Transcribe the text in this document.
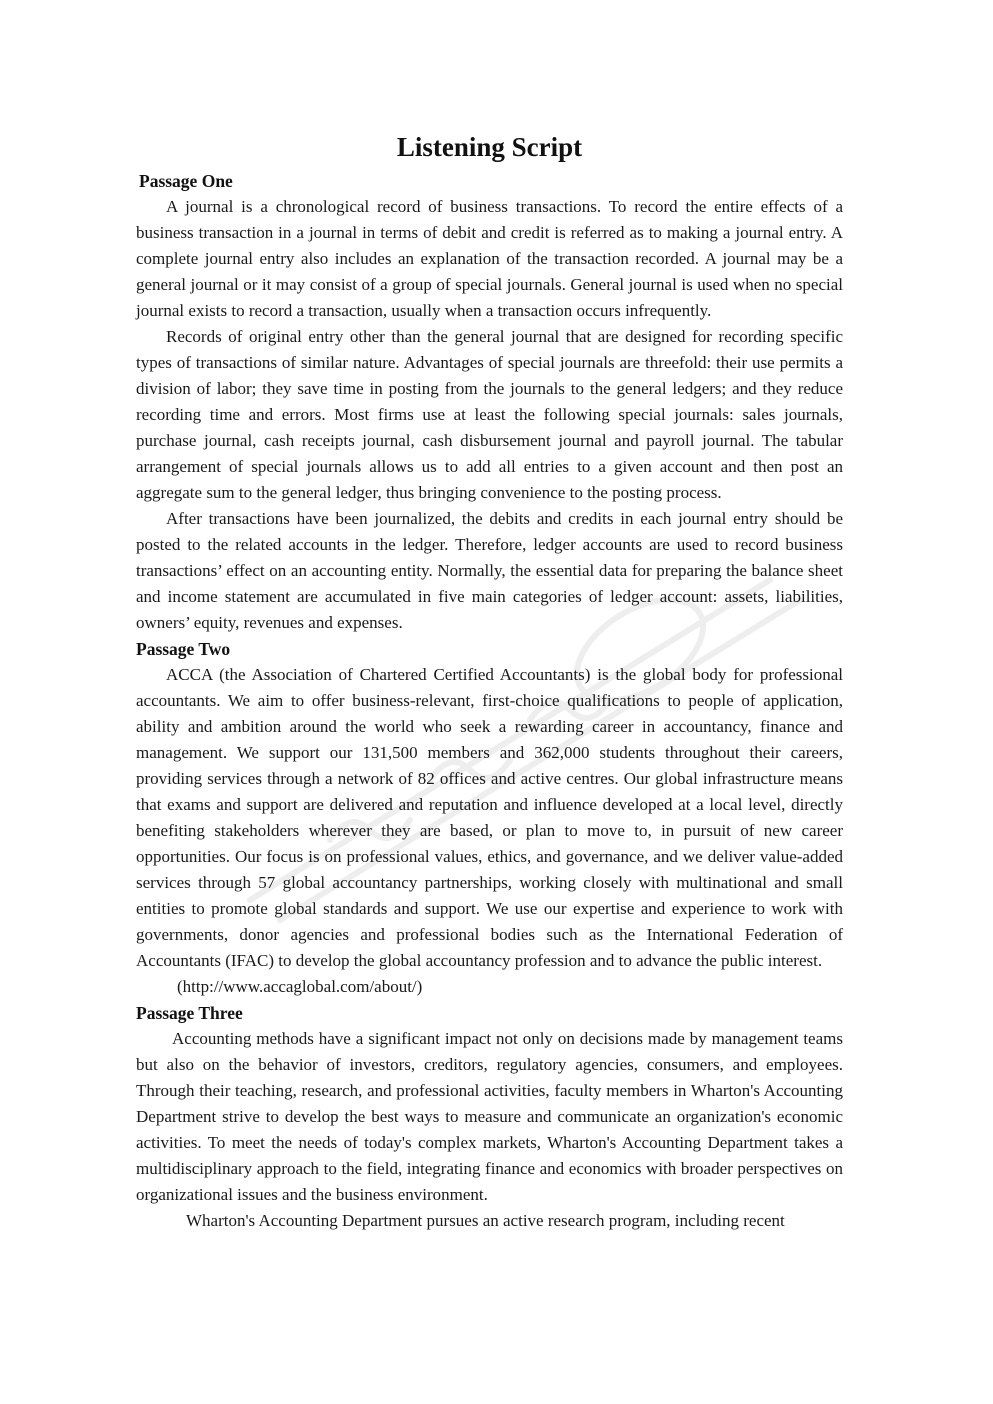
Listening Script
Passage One

A journal is a chronological record of business transactions. To record the entire effects of a business transaction in a journal in terms of debit and credit is referred as to making a journal entry. A complete journal entry also includes an explanation of the transaction recorded. A journal may be a general journal or it may consist of a group of special journals. General journal is used when no special journal exists to record a transaction, usually when a transaction occurs infrequently.

Records of original entry other than the general journal that are designed for recording specific types of transactions of similar nature. Advantages of special journals are threefold: their use permits a division of labor; they save time in posting from the journals to the general ledgers; and they reduce recording time and errors. Most firms use at least the following special journals: sales journals, purchase journal, cash receipts journal, cash disbursement journal and payroll journal. The tabular arrangement of special journals allows us to add all entries to a given account and then post an aggregate sum to the general ledger, thus bringing convenience to the posting process.

After transactions have been journalized, the debits and credits in each journal entry should be posted to the related accounts in the ledger. Therefore, ledger accounts are used to record business transactions’ effect on an accounting entity. Normally, the essential data for preparing the balance sheet and income statement are accumulated in five main categories of ledger account: assets, liabilities, owners’ equity, revenues and expenses.

Passage Two

ACCA (the Association of Chartered Certified Accountants) is the global body for professional accountants. We aim to offer business-relevant, first-choice qualifications to people of application, ability and ambition around the world who seek a rewarding career in accountancy, finance and management. We support our 131,500 members and 362,000 students throughout their careers, providing services through a network of 82 offices and active centres. Our global infrastructure means that exams and support are delivered and reputation and influence developed at a local level, directly benefiting stakeholders wherever they are based, or plan to move to, in pursuit of new career opportunities. Our focus is on professional values, ethics, and governance, and we deliver value-added services through 57 global accountancy partnerships, working closely with multinational and small entities to promote global standards and support. We use our expertise and experience to work with governments, donor agencies and professional bodies such as the International Federation of Accountants (IFAC) to develop the global accountancy profession and to advance the public interest.

(http://www.accaglobal.com/about/)

Passage Three

Accounting methods have a significant impact not only on decisions made by management teams but also on the behavior of investors, creditors, regulatory agencies, consumers, and employees. Through their teaching, research, and professional activities, faculty members in Wharton's Accounting Department strive to develop the best ways to measure and communicate an organization's economic activities. To meet the needs of today's complex markets, Wharton's Accounting Department takes a multidisciplinary approach to the field, integrating finance and economics with broader perspectives on organizational issues and the business environment.

Wharton's Accounting Department pursues an active research program, including recent
